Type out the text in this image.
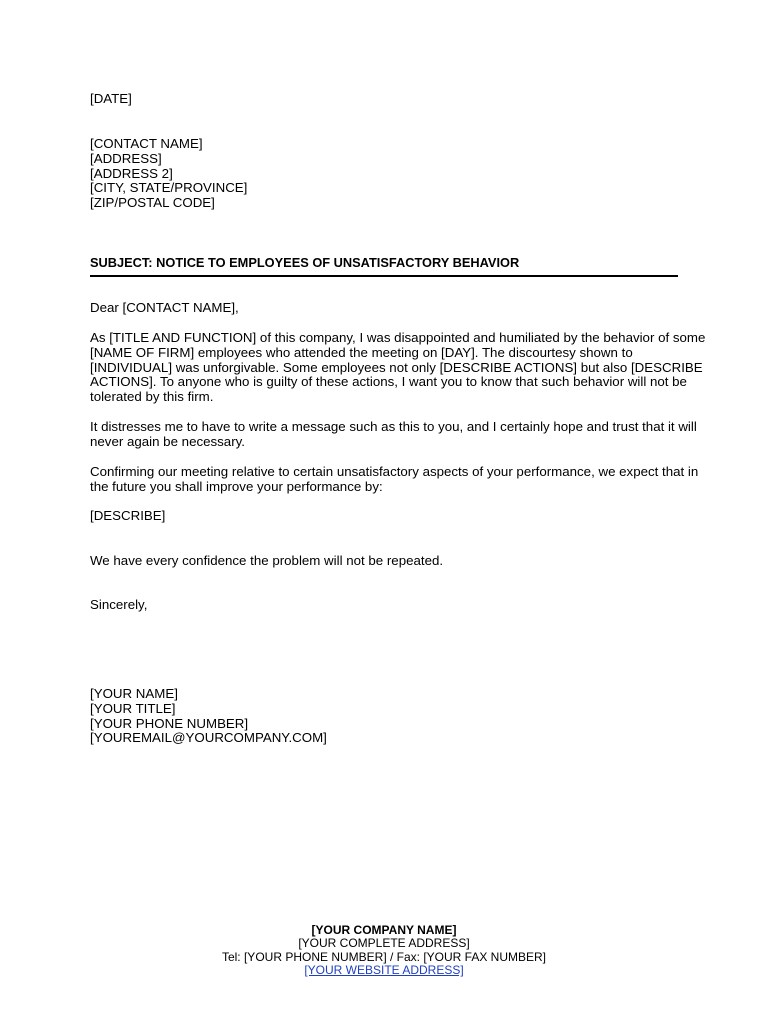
[DATE]
[CONTACT NAME]
[ADDRESS]
[ADDRESS 2]
[CITY, STATE/PROVINCE]
[ZIP/POSTAL CODE]
SUBJECT: NOTICE TO EMPLOYEES OF UNSATISFACTORY BEHAVIOR
Dear [CONTACT NAME],
As [TITLE AND FUNCTION] of this company, I was disappointed and humiliated by the behavior of some
[NAME OF FIRM] employees who attended the meeting on [DAY]. The discourtesy shown to
[INDIVIDUAL] was unforgivable. Some employees not only [DESCRIBE ACTIONS] but also [DESCRIBE
ACTIONS]. To anyone who is guilty of these actions, I want you to know that such behavior will not be
tolerated by this firm.
It distresses me to have to write a message such as this to you, and I certainly hope and trust that it will
never again be necessary.
Confirming our meeting relative to certain unsatisfactory aspects of your performance, we expect that in
the future you shall improve your performance by:
[DESCRIBE]
We have every confidence the problem will not be repeated.
Sincerely,
[YOUR NAME]
[YOUR TITLE]
[YOUR PHONE NUMBER]
[YOUREMAIL@YOURCOMPANY.COM]
[YOUR COMPANY NAME]
[YOUR COMPLETE ADDRESS]
Tel: [YOUR PHONE NUMBER] / Fax: [YOUR FAX NUMBER]
[YOUR WEBSITE ADDRESS]
